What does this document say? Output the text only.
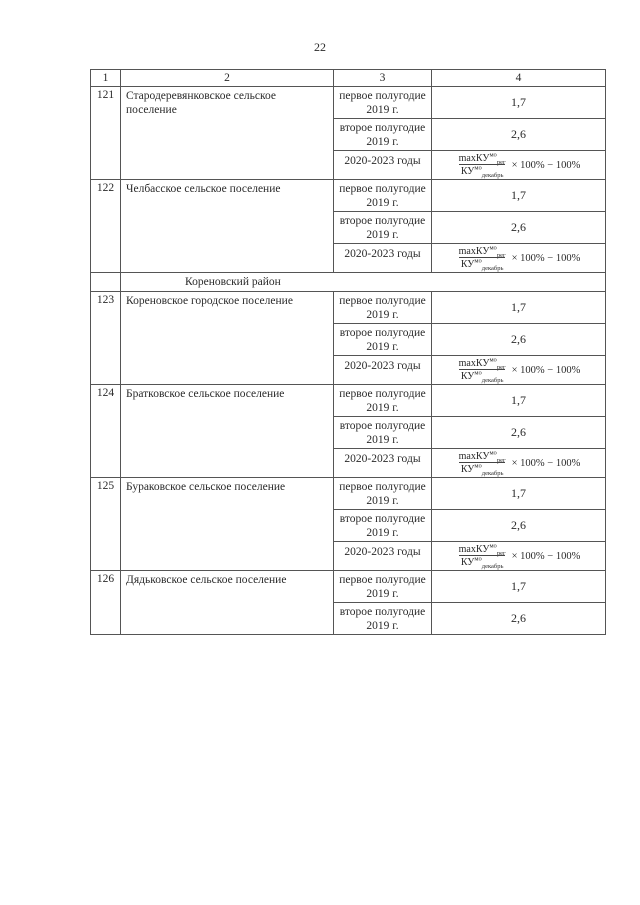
22
1	2	3	4
121	Стародеревянковское сельское поселение	первое полугодие 2019 г.	1,7
		второе полугодие 2019 г.	2,6
		2020-2023 годы	$\frac{\max КУ^{мо}_{рег}}{КУ^{мо}_{декабрь}} \times 100\% - 100\%$

122	Челбасское сельское поселение	первое полугодие 2019 г.	1,7
		второе полугодие 2019 г.	2,6
		2020-2023 годы	$\frac{\max КУ^{мо}_{рег}}{КУ^{мо}_{декабрь}} \times 100\% - 100\%$

	Кореновский район		
123	Кореновское городское поселение	первое полугодие 2019 г.	1,7
		второе полугодие 2019 г.	2,6
		2020-2023 годы	$\frac{\max КУ^{мо}_{рег}}{КУ^{мо}_{декабрь}} \times 100\% - 100\%$

124	Братковское сельское поселение	первое полугодие 2019 г.	1,7
		второе полугодие 2019 г.	2,6
		2020-2023 годы	$\frac{\max КУ^{мо}_{рег}}{КУ^{мо}_{декабрь}} \times 100\% - 100\%$

125	Бураковское сельское поселение	первое полугодие 2019 г.	1,7
		второе полугодие 2019 г.	2,6
		2020-2023 годы	$\frac{\max КУ^{мо}_{рег}}{КУ^{мо}_{декабрь}} \times 100\% - 100\%$

126	Дядьковское сельское поселение	первое полугодие 2019 г.	1,7
		второе полугодие 2019 г.	2,6
